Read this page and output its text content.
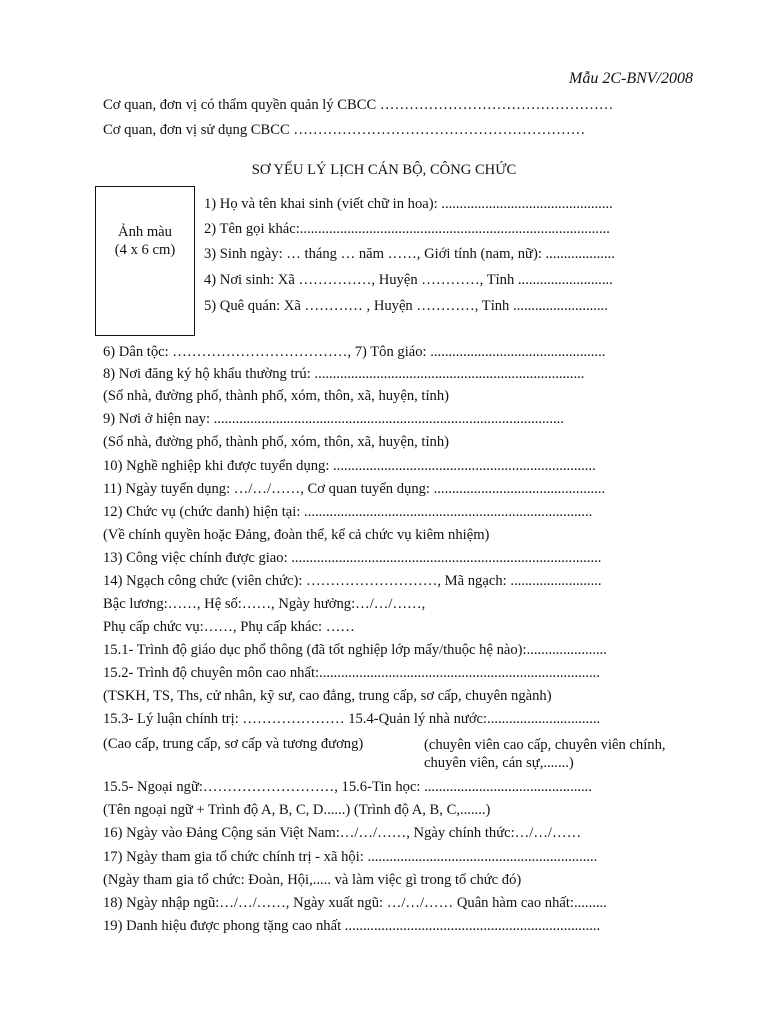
Mẫu 2C-BNV/2008
Cơ quan, đơn vị có thẩm quyền quản lý CBCC …………………………………………
Cơ quan, đơn vị sử dụng CBCC ……………………………………………………
SƠ YẾU LÝ LỊCH CÁN BỘ, CÔNG CHỨC
Ảnh màu
(4 x 6 cm)
1) Họ và tên khai sinh (viết chữ in hoa): ...............................................
2) Tên gọi khác:.....................................................................................
3) Sinh ngày: … tháng … năm ……, Giới tính (nam, nữ): ...................
4) Nơi sinh: Xã ……………, Huyện …………, Tỉnh ..........................
5) Quê quán: Xã ………… , Huyện …………, Tỉnh ..........................
6) Dân tộc: ………………………………, 7) Tôn giáo: ................................................
8) Nơi đăng ký hộ khẩu thường trú: ..........................................................................
(Số nhà, đường phố, thành phố, xóm, thôn, xã, huyện, tỉnh)
9) Nơi ở hiện nay: ................................................................................................
(Số nhà, đường phố, thành phố, xóm, thôn, xã, huyện, tỉnh)
10) Nghề nghiệp khi được tuyển dụng: ........................................................................
11) Ngày tuyển dụng: …/…/……, Cơ quan tuyển dụng: ...............................................
12) Chức vụ (chức danh) hiện tại: ...............................................................................
(Về chính quyền hoặc Đảng, đoàn thể, kể cả chức vụ kiêm nhiệm)
13) Công việc chính được giao: .....................................................................................
14) Ngạch công chức (viên chức): ………………………, Mã ngạch: .........................
Bậc lương:……, Hệ số:……, Ngày hưởng:…/…/……,
Phụ cấp chức vụ:……, Phụ cấp khác: ……
15.1- Trình độ giáo dục phổ thông (đã tốt nghiệp lớp mấy/thuộc hệ nào):......................
15.2- Trình độ chuyên môn cao nhất:.............................................................................
(TSKH, TS, Ths, cử nhân, kỹ sư, cao đẳng, trung cấp, sơ cấp, chuyên ngành)
15.3- Lý luận chính trị: ………………… 15.4-Quản lý nhà nước:...............................
(Cao cấp, trung cấp, sơ cấp và tương đương)	(chuyên viên cao cấp, chuyên viên chính, chuyên viên, cán sự,.......)
15.5- Ngoại ngữ:………………………, 15.6-Tin học: ..............................................
(Tên ngoại ngữ + Trình độ A, B, C, D......) (Trình độ A, B, C,.......)
16) Ngày vào Đảng Cộng sản Việt Nam:…/…/……, Ngày chính thức:…/…/……
17) Ngày tham gia tổ chức chính trị - xã hội: ...............................................................
(Ngày tham gia tổ chức: Đoàn, Hội,..... và làm việc gì trong tổ chức đó)
18) Ngày nhập ngũ:…/…/……, Ngày xuất ngũ: …/…/…… Quân hàm cao nhất:.........
19) Danh hiệu được phong tặng cao nhất ......................................................................
